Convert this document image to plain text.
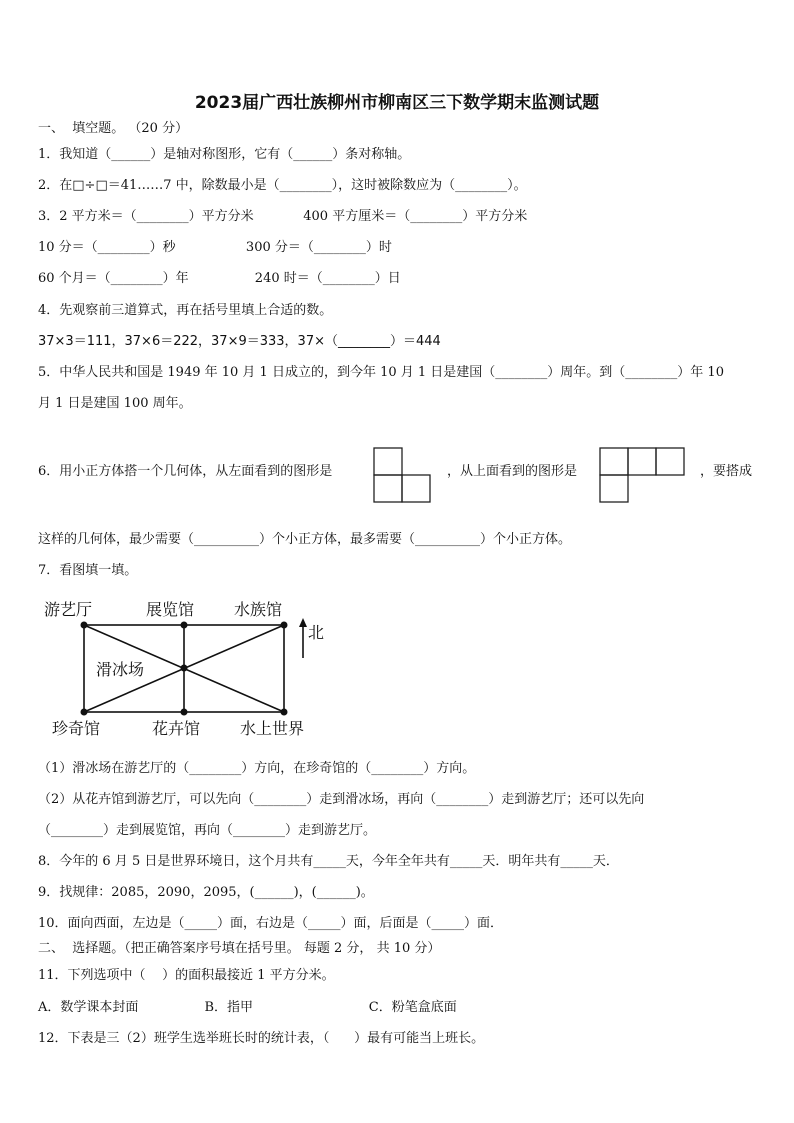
2023届广西壮族柳州市柳南区三下数学期末监测试题
一、  填空题。 （20 分）
1．我知道（______）是轴对称图形，它有（______）条对称轴。
2．在□÷□＝41……7 中，除数最小是（________），这时被除数应为（________）。
3．2 平方米＝（________）平方分米            400 平方厘米＝（________）平方分米
10 分＝（________）秒                 300 分＝（________）时
60 个月＝（________）年                240 时＝（________）日
4．先观察前三道算式，再在括号里填上合适的数。
37×3＝111，37×6＝222，37×9＝333，37×（________）＝444
5．中华人民共和国是 1949 年 10 月 1 日成立的，到今年 10 月 1 日是建国（________）周年。到（________）年 10
月 1 日是建国 100 周年。
6．用小正方体搭一个几何体，从左面看到的图形是	，从上面看到的图形是	，要搭成
这样的几何体，最少需要（__________）个小正方体，最多需要（__________）个小正方体。
7．看图填一填。
游艺厅	展览馆 水族馆
滑冰场
珍奇馆	花卉馆 水上世界
北
（1）滑冰场在游艺厅的（________）方向，在珍奇馆的（________）方向。
（2）从花卉馆到游艺厅，可以先向（________）走到滑冰场，再向（________）走到游艺厅；还可以先向
（________）走到展览馆，再向（________）走到游艺厅。
8．今年的 6 月 5 日是世界环境日，这个月共有_____天，今年全年共有_____天．明年共有_____天．
9．找规律：2085，2090，2095，(______)，(______)。
10．面向西面，左边是（_____）面，右边是（_____）面，后面是（_____）面．
二、  选择题。（把正确答案序号填在括号里。 每题 2 分， 共 10 分）
11．下列选项中（    ）的面积最接近 1 平方分米。
A．数学课本封面                B．指甲                            C．粉笔盒底面
12．下表是三（2）班学生选举班长时的统计表，（      ）最有可能当上班长。
